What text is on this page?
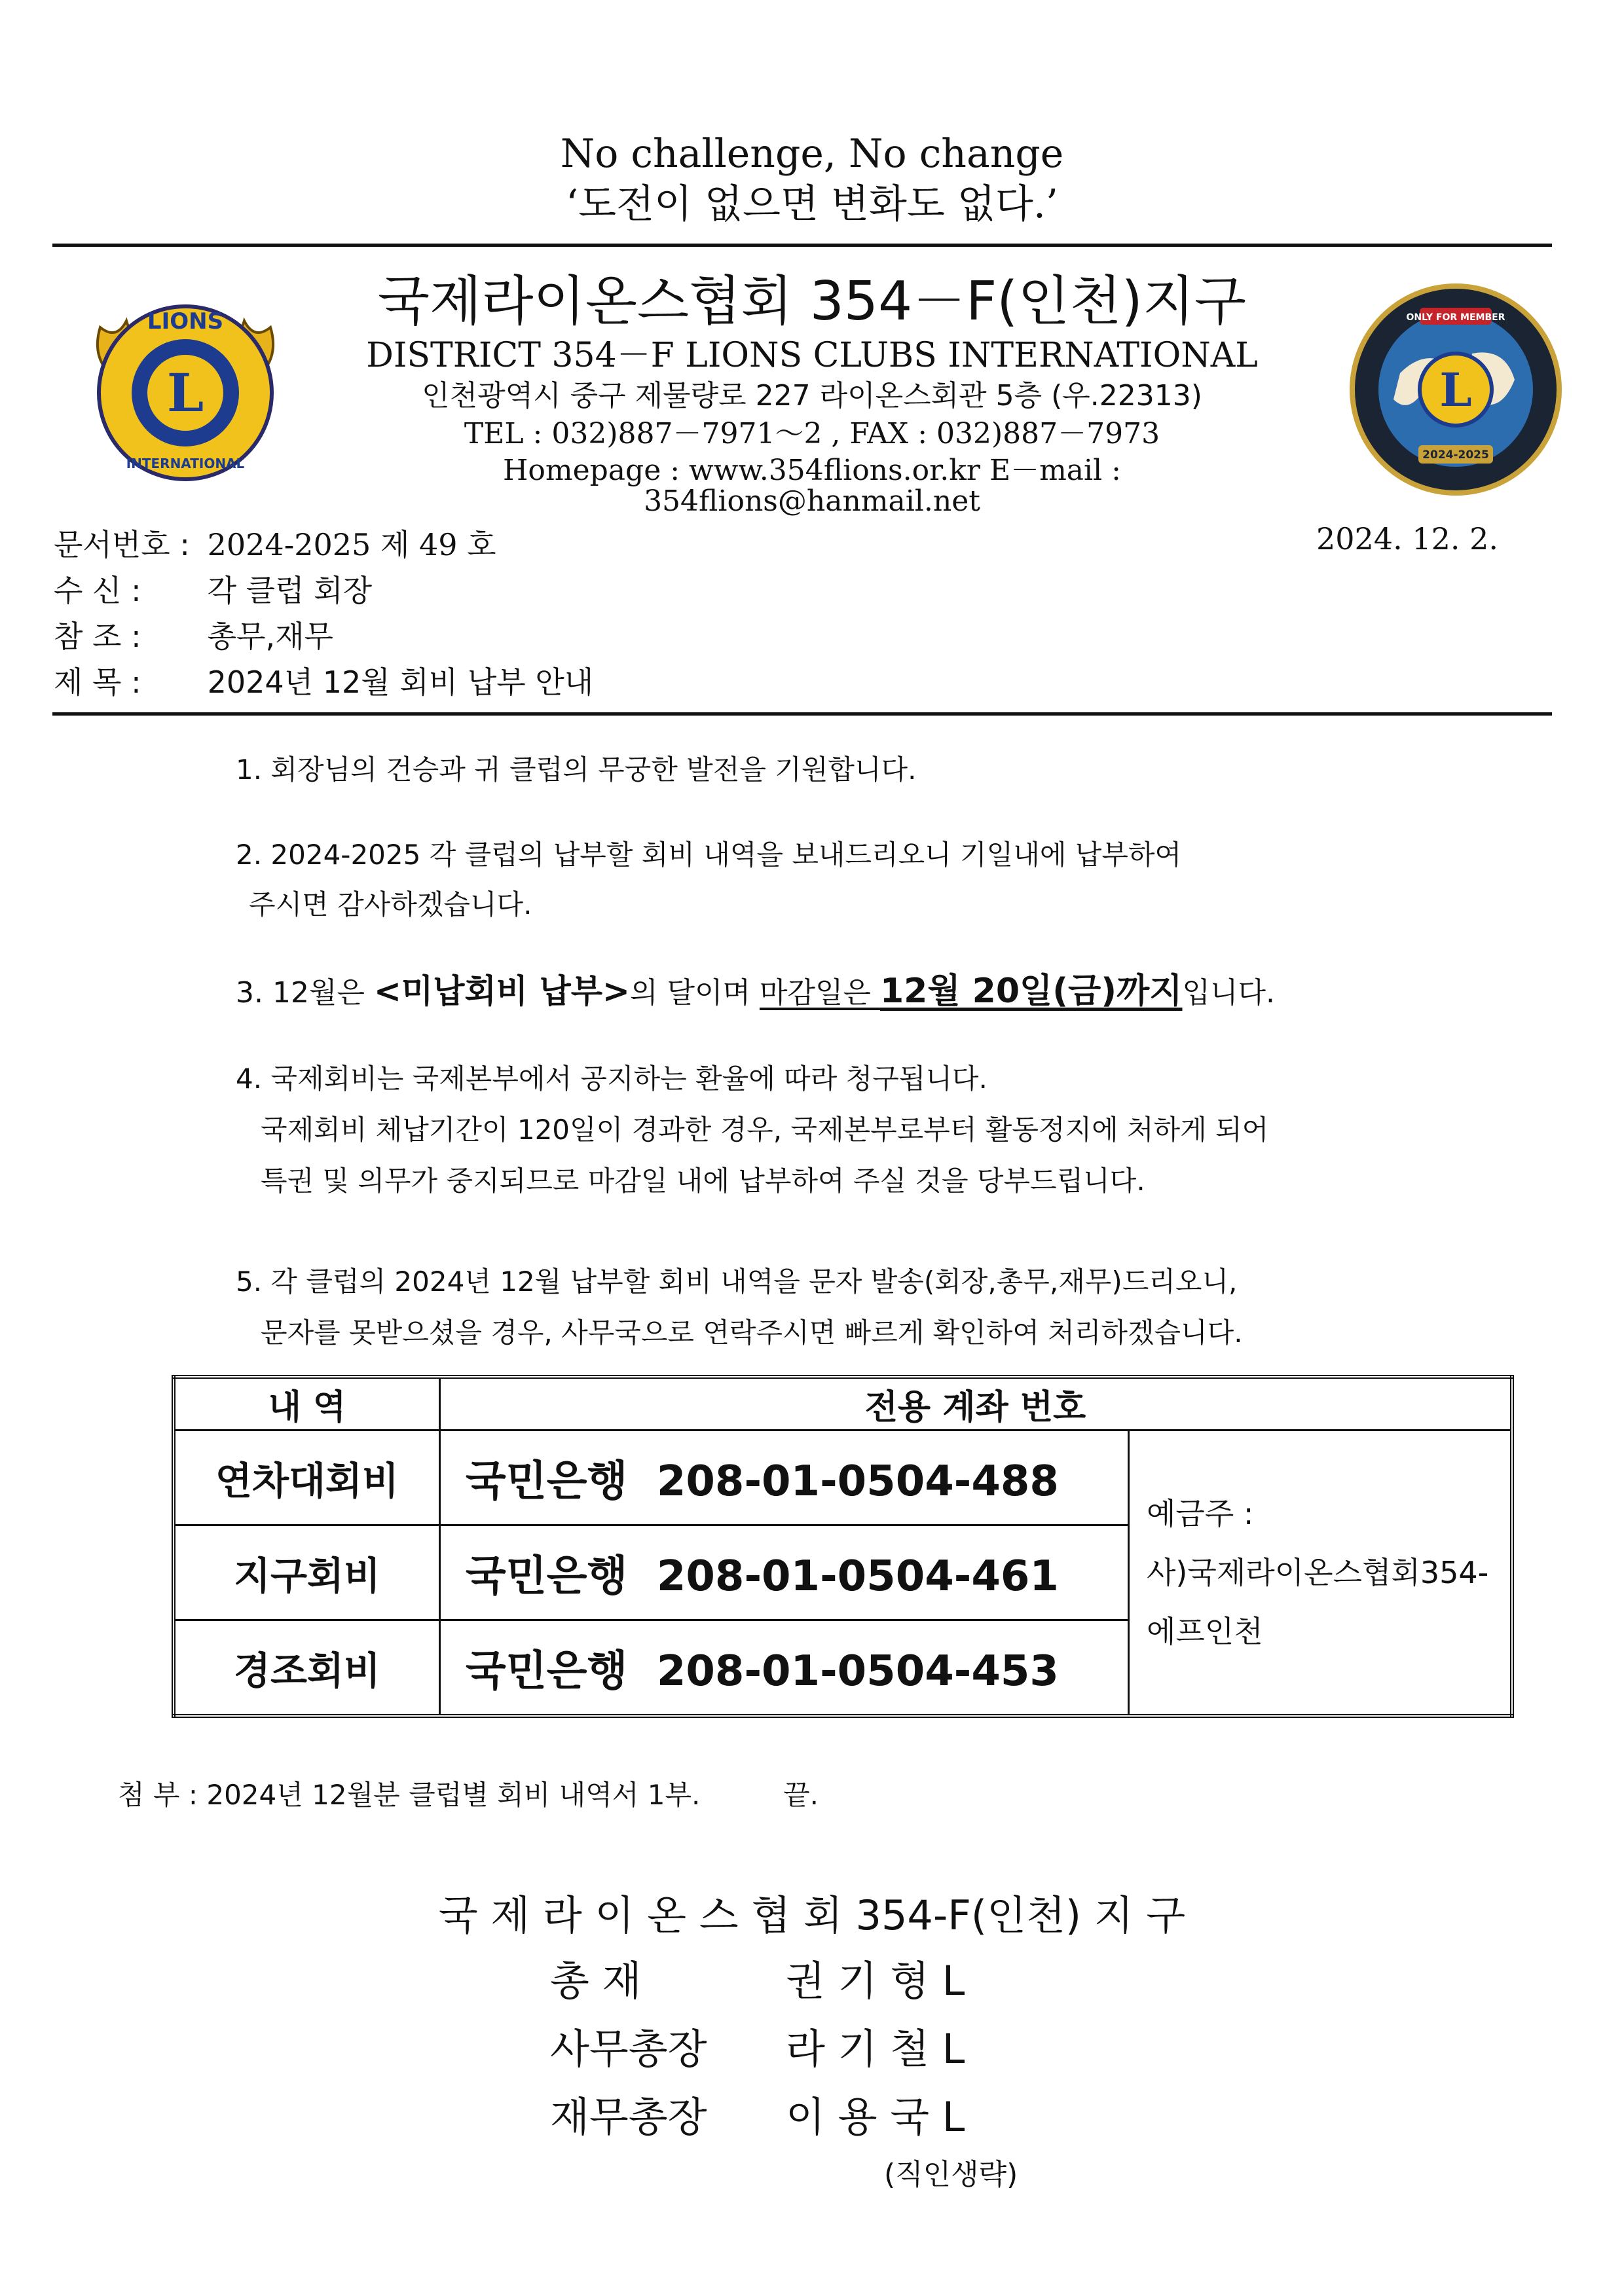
No challenge, No change
‘도전이 없으면 변화도 없다.’
L
LIONS
INTERNATIONAL
L
ONLY FOR MEMBER
2024-2025
국제라이온스협회 354－F(인천)지구
DISTRICT 354－F LIONS CLUBS INTERNATIONAL
인천광역시 중구 제물량로 227 라이온스회관 5층 (우.22313)
TEL : 032)887－7971～2 , FAX : 032)887－7973
Homepage : www.354flions.or.kr E－mail :
354flions@hanmail.net
문서번호 : 2024-2025 제 49 호	2024. 12. 2.
수 신 : 각 클럽 회장
참 조 : 총무,재무
제 목 : 2024년 12월 회비 납부 안내
1. 회장님의 건승과 귀 클럽의 무궁한 발전을 기원합니다.
2. 2024-2025 각 클럽의 납부할 회비 내역을 보내드리오니 기일내에 납부하여
주시면 감사하겠습니다.
3. 12월은 <미납회비 납부>의 달이며 마감일은 12월 20일(금)까지입니다.
4. 국제회비는 국제본부에서 공지하는 환율에 따라 청구됩니다.
국제회비 체납기간이 120일이 경과한 경우, 국제본부로부터 활동정지에 처하게 되어
특권 및 의무가 중지되므로 마감일 내에 납부하여 주실 것을 당부드립니다.
5. 각 클럽의 2024년 12월 납부할 회비 내역을 문자 발송(회장,총무,재무)드리오니,
문자를 못받으셨을 경우, 사무국으로 연락주시면 빠르게 확인하여 처리하겠습니다.
내 역	전용 계좌 번호	
연차대회비	국민은행 208-01-0504-488	예금주 :
사)국제라이온스협회354-
에프인천

지구회비	국민은행 208-01-0504-461	
경조회비	국민은행 208-01-0504-453	
첨 부 : 2024년 12월분 클럽별 회비 내역서 1부.	끝.
국 제 라 이 온 스 협 회 354-F(인천) 지 구
총 재	권 기 형 L
사무총장 라 기 철 L
재무총장 이 용 국 L
(직인생략)
